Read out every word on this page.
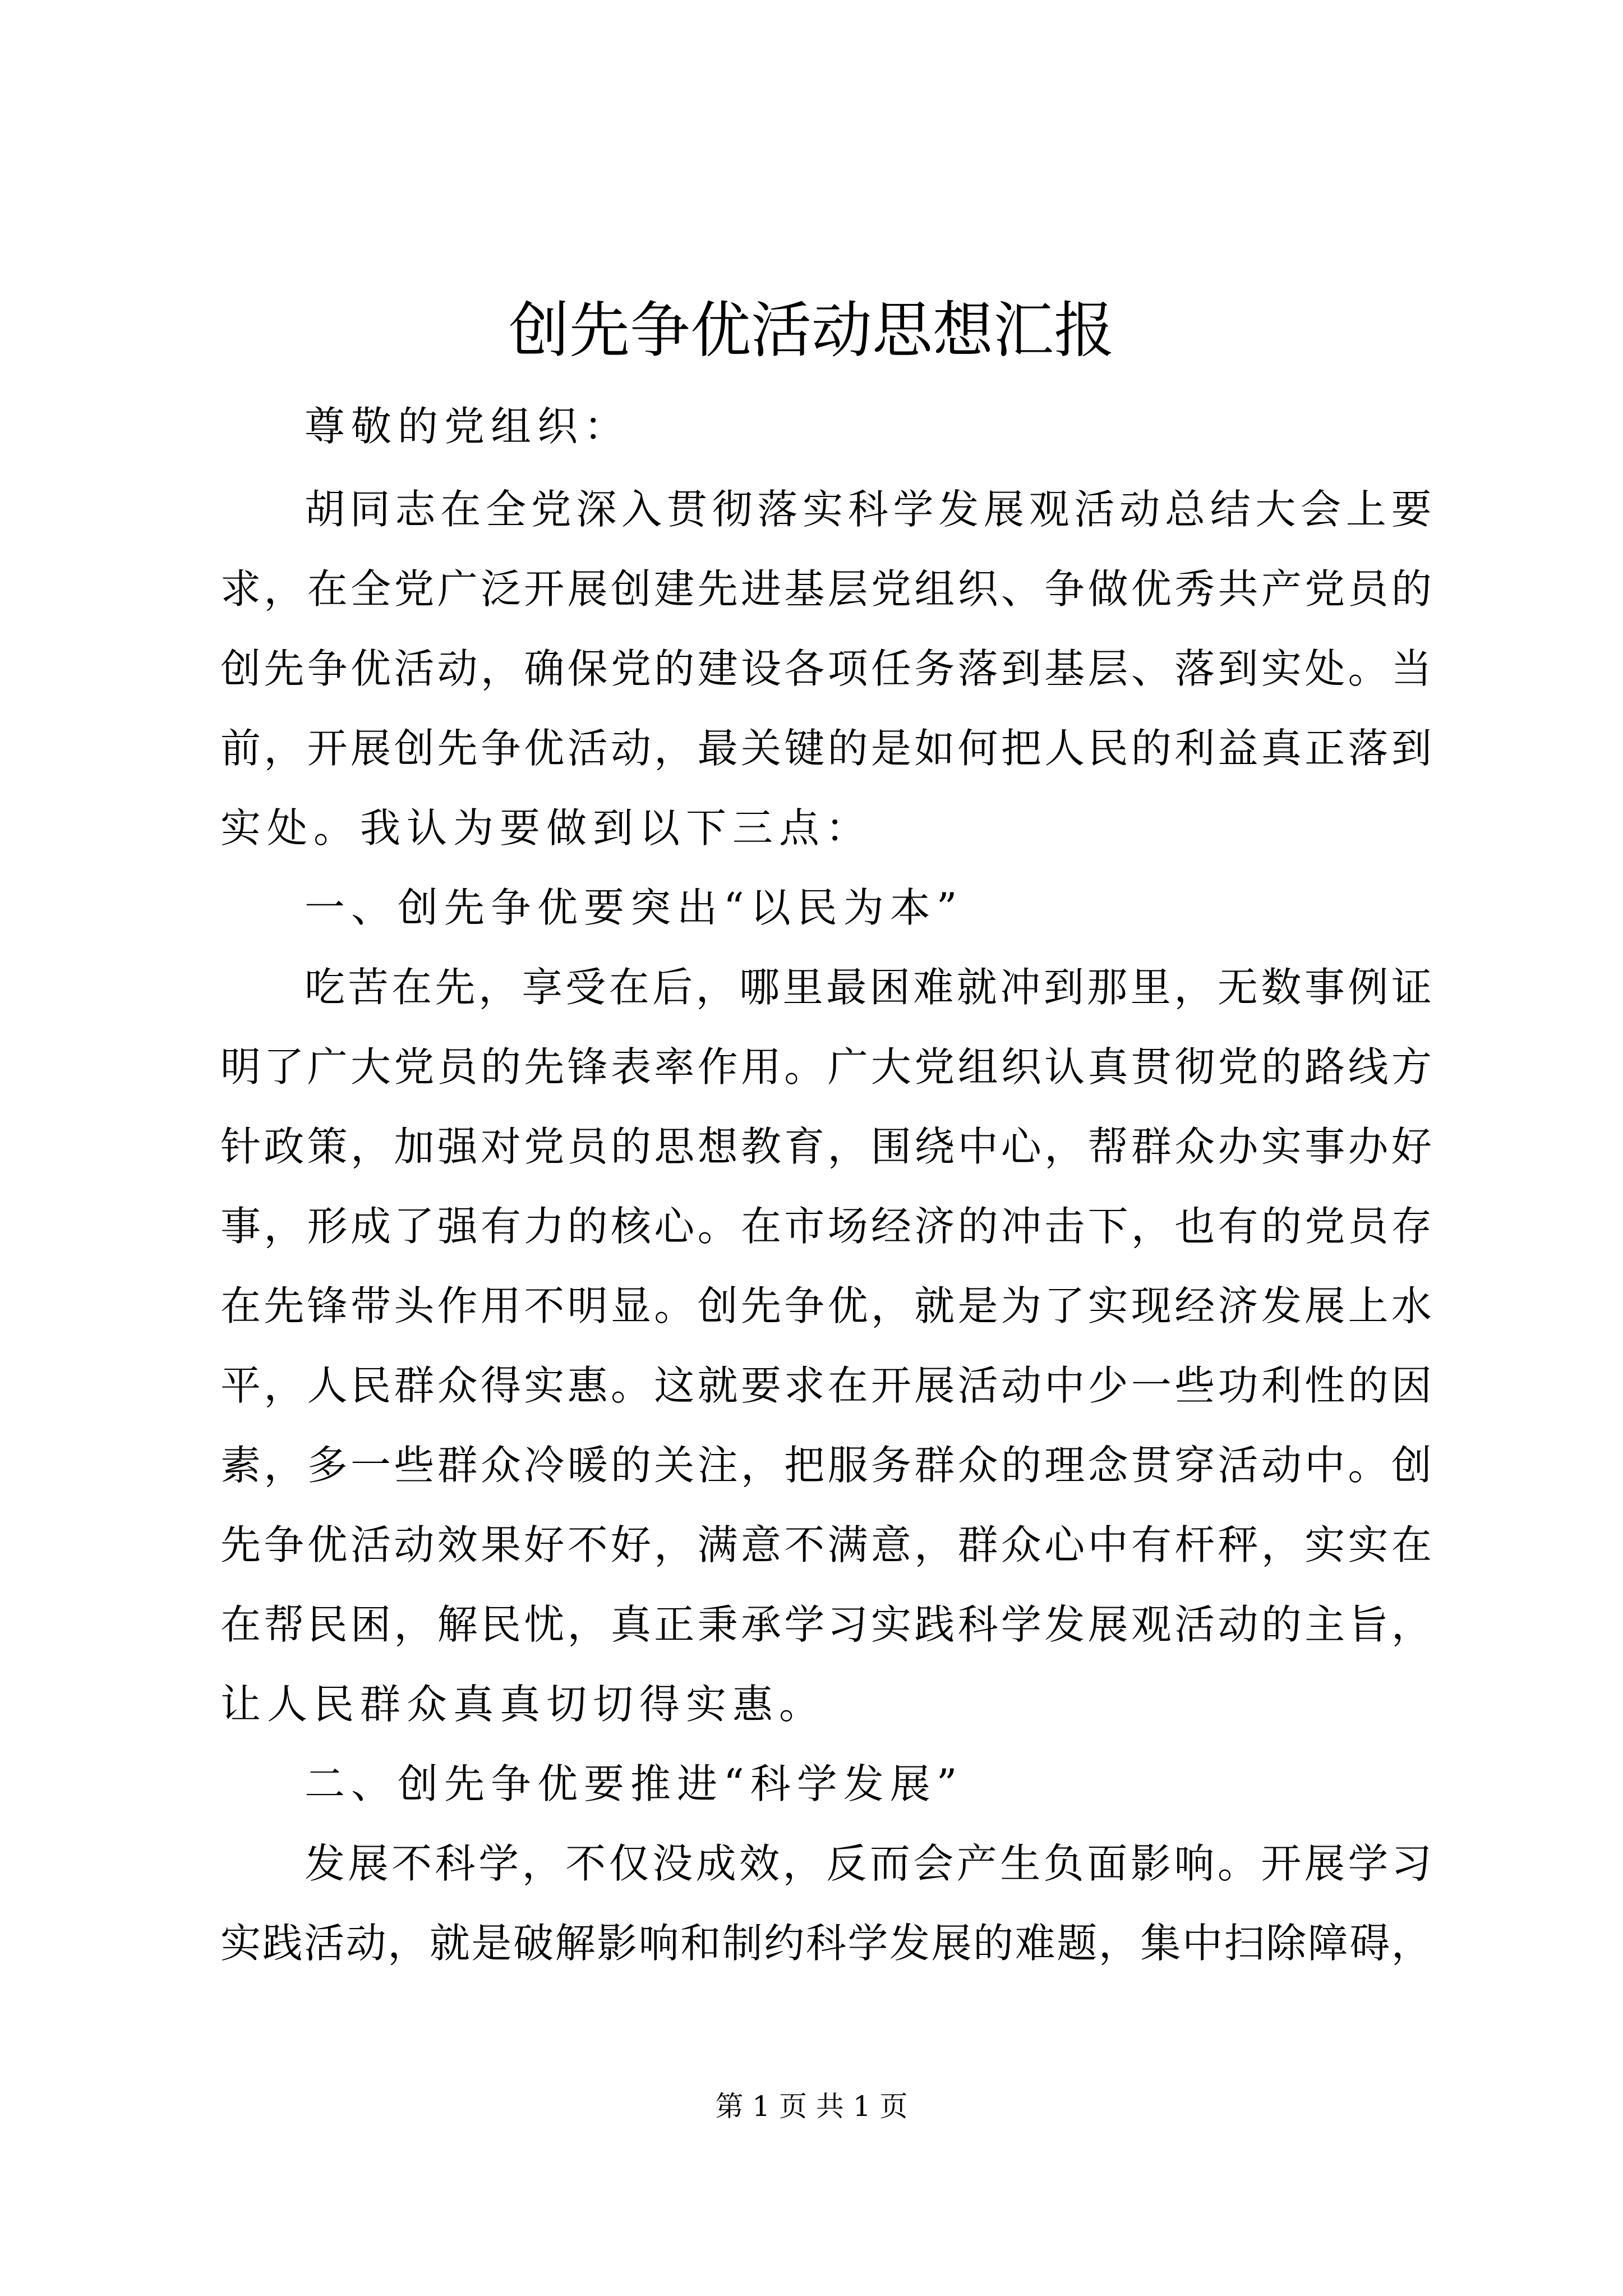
创先争优活动思想汇报
尊敬的党组织：
胡 同 志 在 全 党 深 入 贯 彻 落 实 科 学 发 展 观 活 动 总 结 大 会 上 要
求 ， 在 全 党 广 泛 开 展 创 建 先 进 基 层 党 组 织 、 争 做 优 秀 共 产 党 员 的
创 先 争 优 活 动 ， 确 保 党 的 建 设 各 项 任 务 落 到 基 层 、 落 到 实 处 。 当
前 ， 开 展 创 先 争 优 活 动 ， 最 关 键 的 是 如 何 把 人 民 的 利 益 真 正 落 到
实处。我认为要做到以下三点：
一、创先争优要突出“以民为本”
吃 苦 在 先 ， 享 受 在 后 ， 哪 里 最 困 难 就 冲 到 那 里 ， 无 数 事 例 证
明 了 广 大 党 员 的 先 锋 表 率 作 用 。 广 大 党 组 织 认 真 贯 彻 党 的 路 线 方
针 政 策 ， 加 强 对 党 员 的 思 想 教 育 ， 围 绕 中 心 ， 帮 群 众 办 实 事 办 好
事 ， 形 成 了 强 有 力 的 核 心 。 在 市 场 经 济 的 冲 击 下 ， 也 有 的 党 员 存
在 先 锋 带 头 作 用 不 明 显 。 创 先 争 优 ， 就 是 为 了 实 现 经 济 发 展 上 水
平 ， 人 民 群 众 得 实 惠 。 这 就 要 求 在 开 展 活 动 中 少 一 些 功 利 性 的 因
素 ， 多 一 些 群 众 冷 暖 的 关 注 ， 把 服 务 群 众 的 理 念 贯 穿 活 动 中 。 创
先 争 优 活 动 效 果 好 不 好 ， 满 意 不 满 意 ， 群 众 心 中 有 杆 秤 ， 实 实 在
在 帮 民 困 ， 解 民 忧 ， 真 正 秉 承 学 习 实 践 科 学 发 展 观 活 动 的 主 旨 ，
让人民群众真真切切得实惠。
二、创先争优要推进“科学发展”
发 展 不 科 学 ， 不 仅 没 成 效 ， 反 而 会 产 生 负 面 影 响 。 开 展 学 习
实 践 活 动 ， 就 是 破 解 影 响 和 制 约 科 学 发 展 的 难 题 ， 集 中 扫 除 障 碍 ，
第 1 页 共 1 页
